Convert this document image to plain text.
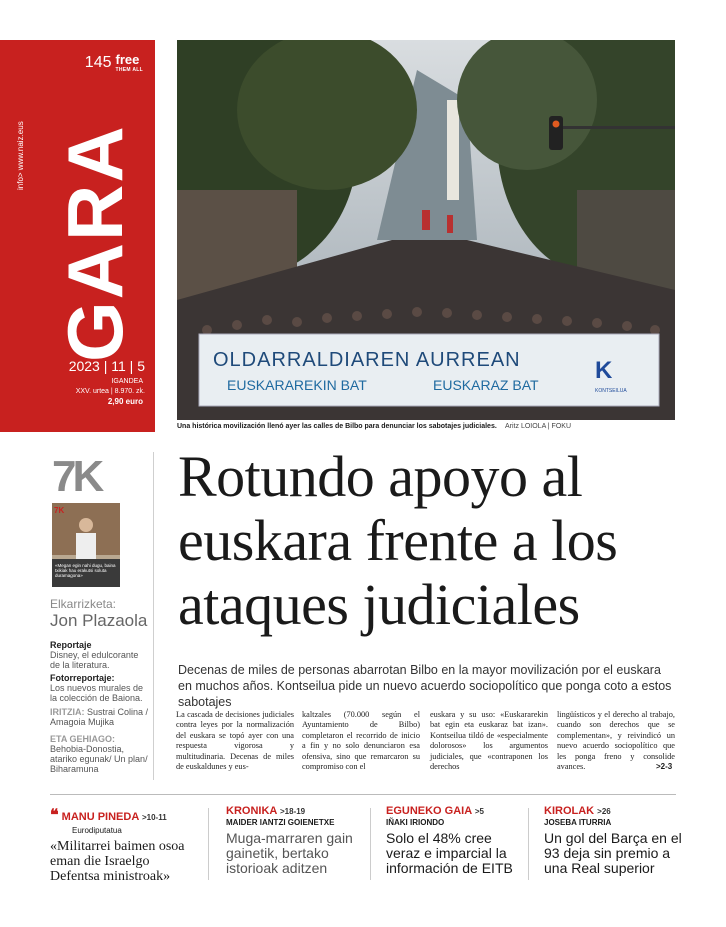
145 free
THEM ALL
info> www.naiz.eus GARA
2023 | 11 | 5
IGANDEA
XXV. urtea | 8.970. zk.
2,90 euro
OLDARRALDIAREN AURREAN
EUSKARAREKIN BAT	EUSKARAZ BAT
K
KONTSEILUA
Una histórica movilización llenó ayer las calles de Bilbo para denunciar los sabotajes judiciales.	Aritz LOIOLA | FOKU
7K
7K
«Megan egin nahi dugu, baina txikiak hau erakutsi soluta duramagona»
Elkarrizketa:
Jon Plazaola
Reportaje
Disney, el edulcorante de la literatura.
Fotorreportaje:
Los nuevos murales de la colección de Baiona.
IRITZIA: Sustrai Colina / Amagoia Mujika
ETA GEHIAGO:
Behobia-Donostia, atariko egunak/ Un plan/ Biharamuna
Rotundo apoyo al euskara frente a los ataques judiciales
Decenas de miles de personas abarrotan Bilbo en la mayor movilización por el euskara en muchos años. Kontseilua pide un nuevo acuerdo sociopolítico que ponga coto a estos sabotajes
La cascada de decisiones judiciales contra leyes por la normalización del euskara se topó ayer con una respuesta vigorosa y multitudinaria. Decenas de miles de euskaldunes y eus-
kaltzales (70.000 según el Ayuntamiento de Bilbo) completaron el recorrido de inicio a fin y no solo denunciaron esa ofensiva, sino que remarcaron su compromiso con el
euskara y su uso: «Euskararekin bat egin eta euskaraz bat izan». Kontseilua tildó de «especialmente dolorosos» los argumentos judiciales, que «contraponen los derechos
lingüísticos y el derecho al trabajo, cuando son derechos que se complementan», y reivindicó un nuevo acuerdo sociopolítico que les ponga freno y consolide avances.	>2-3
❝ MANU PINEDA >10-11
Eurodiputatua
«Militarrei baimen osoa eman die Israelgo Defentsa ministroak»
KRONIKA >18-19
MAIDER IANTZI GOIENETXE
Muga-marraren gain gainetik, bertako istorioak aditzen
EGUNEKO GAIA >5
IÑAKI IRIONDO
Solo el 48% cree veraz e imparcial la información de EITB
KIROLAK >26
JOSEBA ITURRIA
Un gol del Barça en el 93 deja sin premio a una Real superior
